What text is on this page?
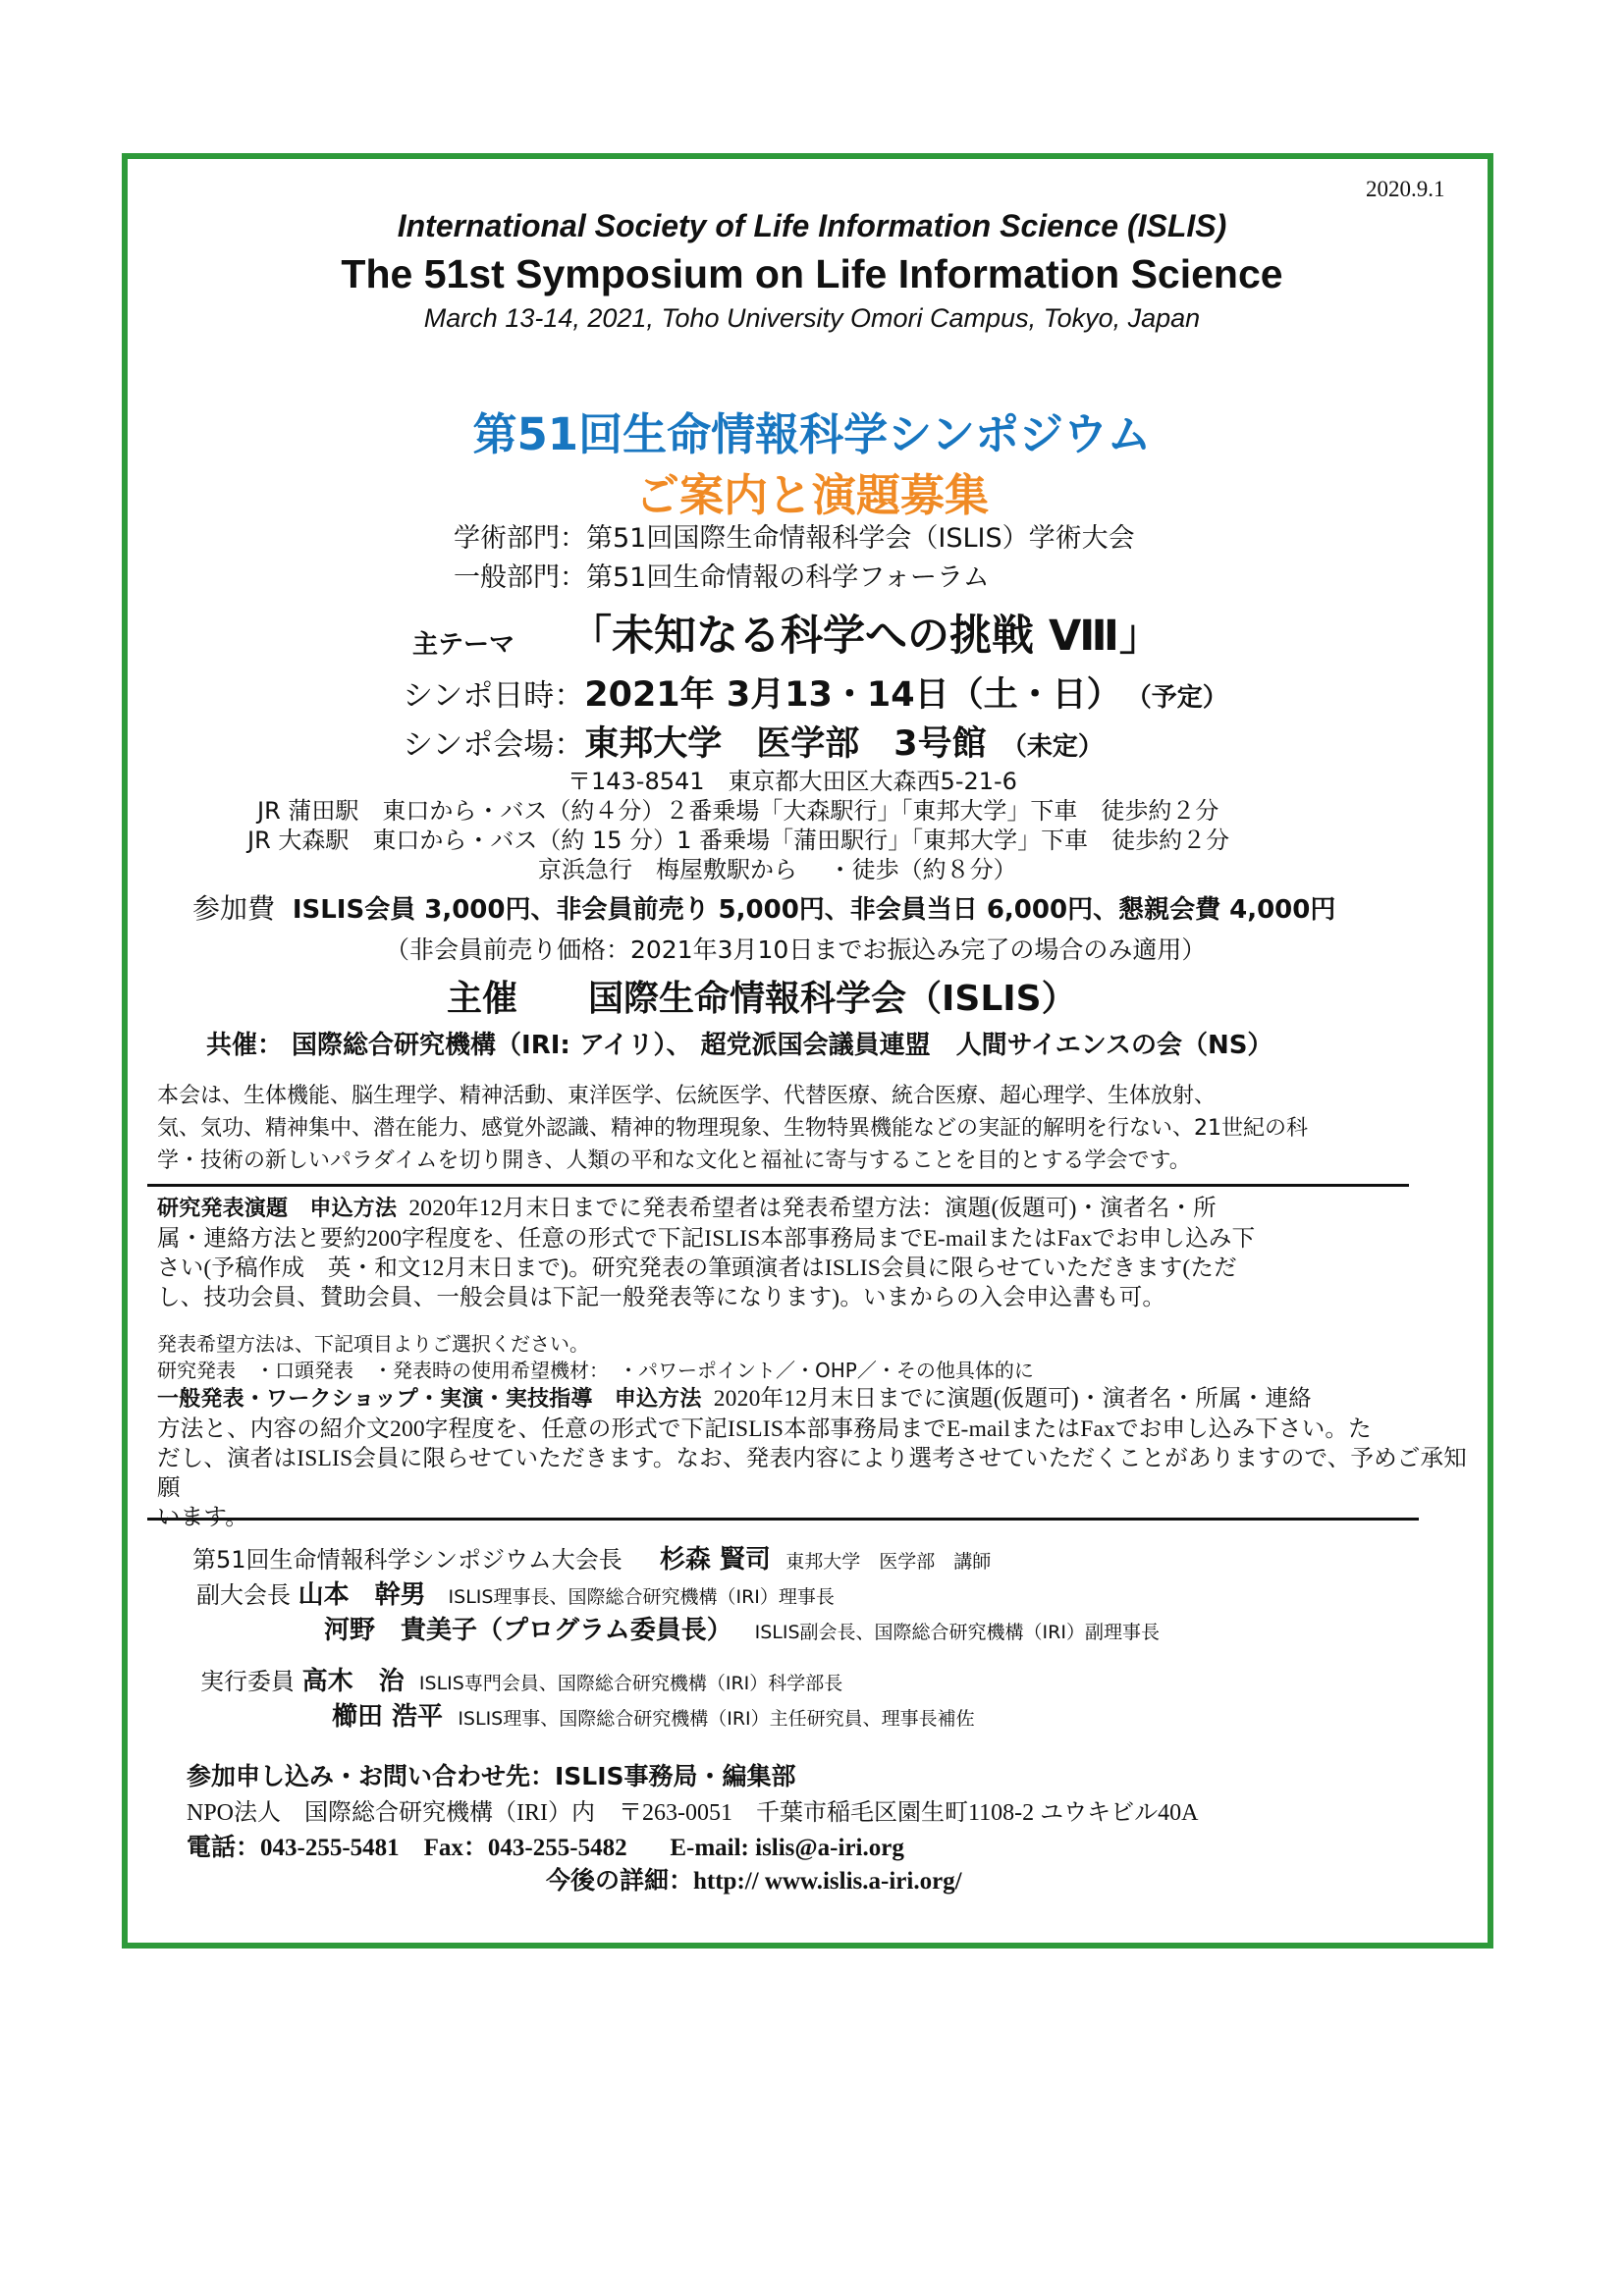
2020.9.1
International Society of Life Information Science (ISLIS)
The 51st Symposium on Life Information Science
March 13-14, 2021, Toho University Omori Campus, Tokyo, Japan
第51回生命情報科学シンポジウム
ご案内と演題募集
学術部門：第51回国際生命情報科学会（ISLIS）学術大会
一般部門：第51回生命情報の科学フォーラム
主テーマ 「未知なる科学への挑戦 Ⅷ」
シンポ日時：2021年 3月13・14日（土・日） （予定）
シンポ会場：東邦大学　医学部　3号館 （未定）
〒143-8541　東京都大田区大森西5-21-6
JR 蒲田駅　東口から・バス（約４分）２番乗場「大森駅行」「東邦大学」下車　徒歩約２分
JR 大森駅　東口から・バス（約 15 分）1 番乗場「蒲田駅行」「東邦大学」下車　徒歩約２分
京浜急行　梅屋敷駅から　 ・徒歩（約８分）
参加費 ISLIS会員 3,000円、非会員前売り 5,000円、非会員当日 6,000円、懇親会費 4,000円
（非会員前売り価格：2021年3月10日までお振込み完了の場合のみ適用）
主催　　国際生命情報科学会（ISLIS）
共催： 国際総合研究機構（IRI: アイリ）、 超党派国会議員連盟　人間サイエンスの会（NS）
本会は、生体機能、脳生理学、精神活動、東洋医学、伝統医学、代替医療、統合医療、超心理学、生体放射、
気、気功、精神集中、潜在能力、感覚外認識、精神的物理現象、生物特異機能などの実証的解明を行ない、21世紀の科
学・技術の新しいパラダイムを切り開き、人類の平和な文化と福祉に寄与することを目的とする学会です。
研究発表演題　申込方法 2020年12月末日までに発表希望者は発表希望方法：演題(仮題可)・演者名・所
属・連絡方法と要約200字程度を、任意の形式で下記ISLIS本部事務局までE-mailまたはFaxでお申し込み下
さい(予稿作成　英・和文12月末日まで)。研究発表の筆頭演者はISLIS会員に限らせていただきます(ただ
し、技功会員、賛助会員、一般会員は下記一般発表等になります)。いまからの入会申込書も可。
発表希望方法は、下記項目よりご選択ください。
研究発表　・口頭発表　・発表時の使用希望機材：　・パワーポイント／・OHP／・その他具体的に
一般発表・ワークショップ・実演・実技指導　申込方法 2020年12月末日までに演題(仮題可)・演者名・所属・連絡
方法と、内容の紹介文200字程度を、任意の形式で下記ISLIS本部事務局までE-mailまたはFaxでお申し込み下さい。た
だし、演者はISLIS会員に限らせていただきます。なお、発表内容により選考させていただくことがありますので、予めご承知願
います。
第51回生命情報科学シンポジウム大会長 杉森 賢司 東邦大学　医学部　講師
副大会長 山本　幹男 ISLIS理事長、国際総合研究機構（IRI）理事長
河野　貴美子（プログラム委員長） ISLIS副会長、国際総合研究機構（IRI）副理事長
実行委員 高木　治 ISLIS専門会員、国際総合研究機構（IRI）科学部長
櫛田 浩平 ISLIS理事、国際総合研究機構（IRI）主任研究員、理事長補佐
参加申し込み・お問い合わせ先：ISLIS事務局・編集部
NPO法人　国際総合研究機構（IRI）内　〒263-0051　千葉市稲毛区園生町1108-2 ユウキビル40A
電話：043-255-5481 Fax：043-255-5482 E-mail: islis@a-iri.org
今後の詳細：http:// www.islis.a-iri.org/
